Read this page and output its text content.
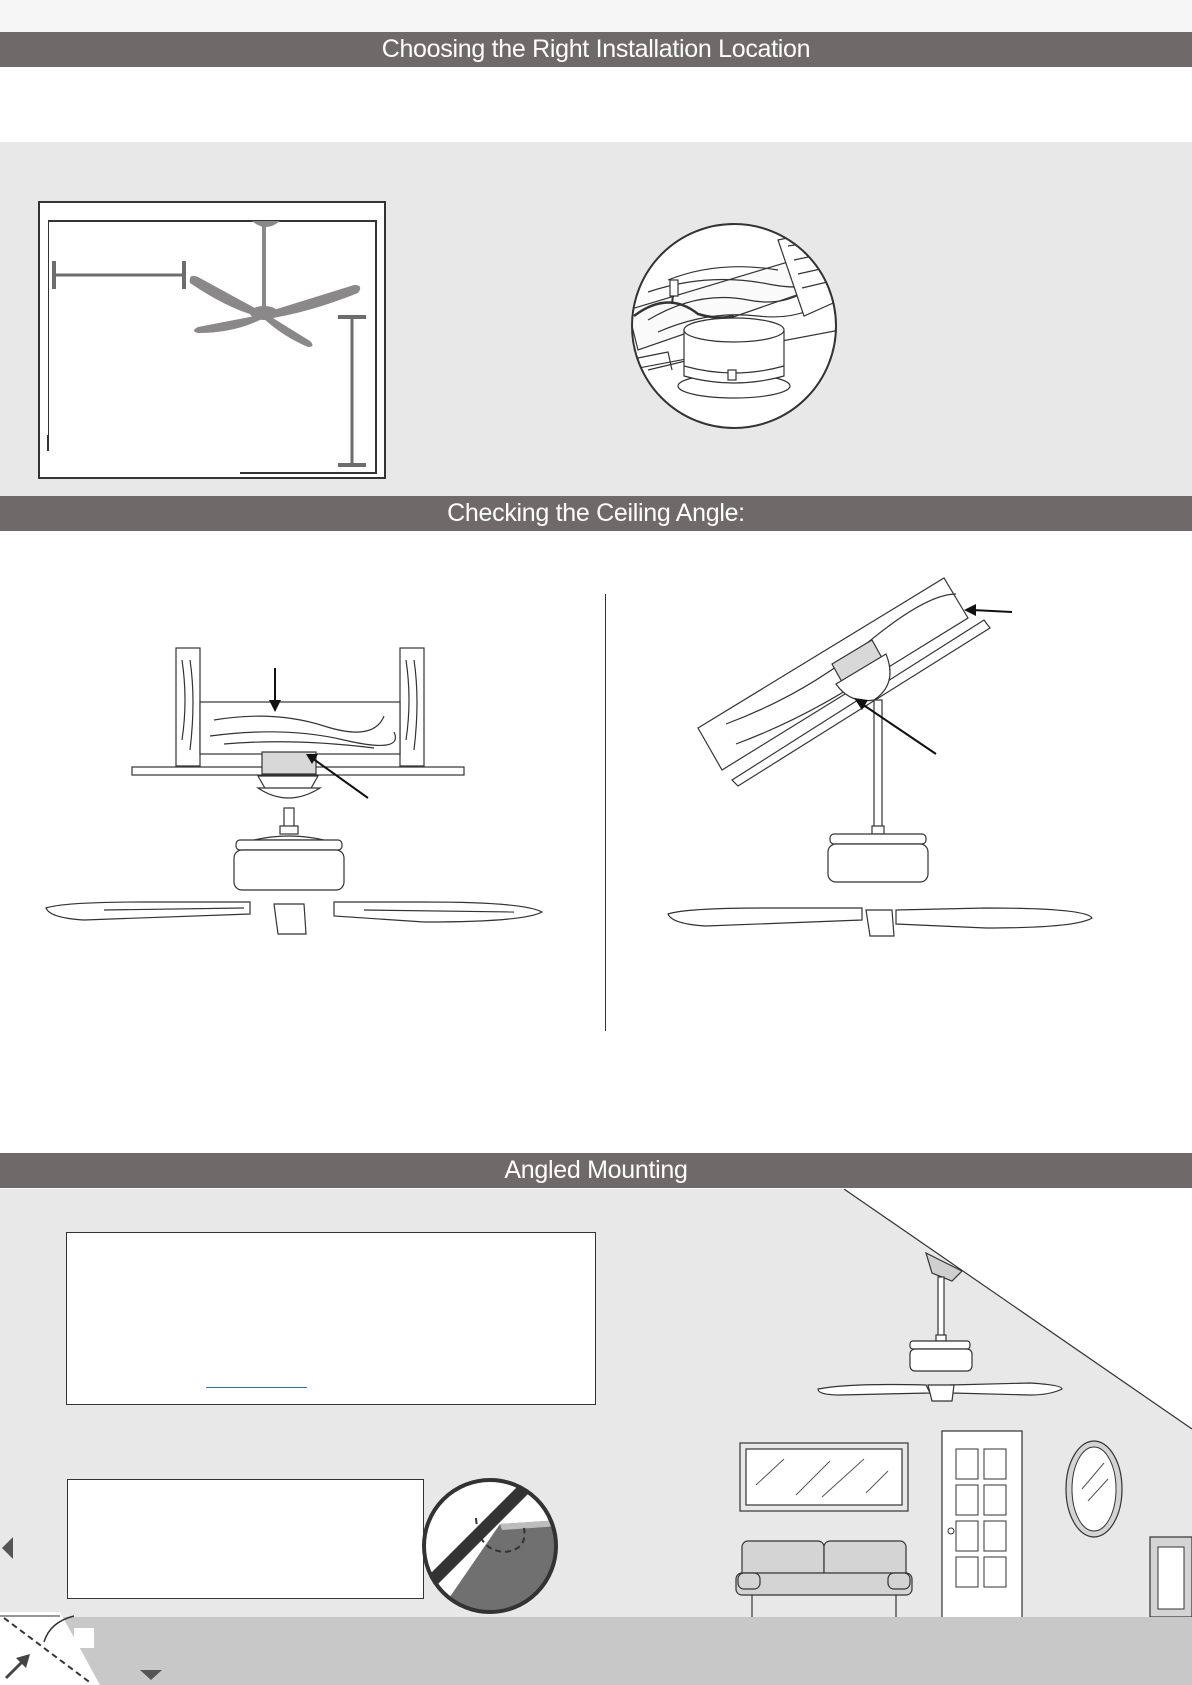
Choosing the Right Installation Location
Checking the Ceiling Angle:
Angled Mounting
